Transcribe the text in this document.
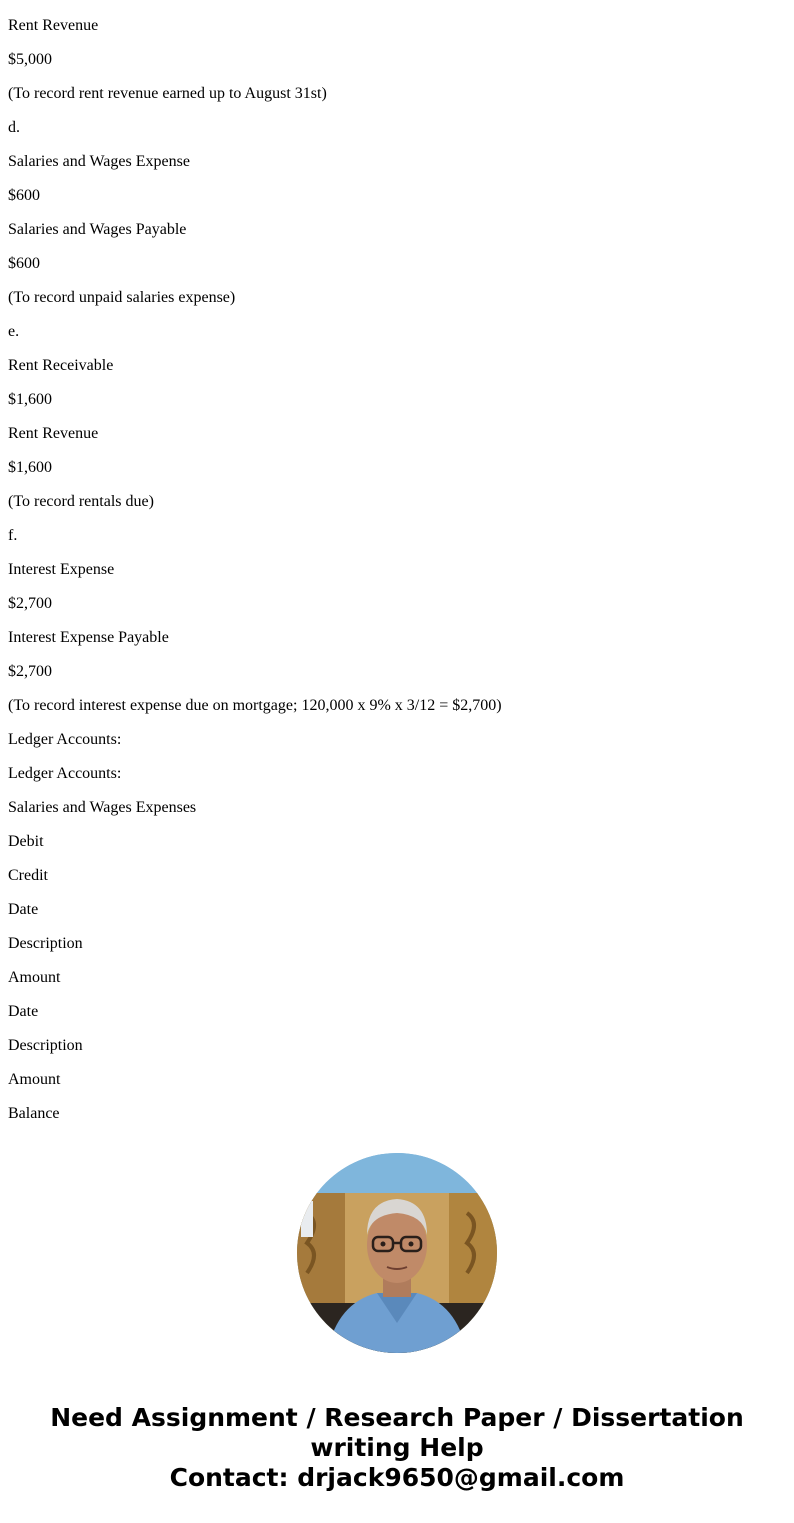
Rent Revenue

$5,000

(To record rent revenue earned up to August 31st)

d.

Salaries and Wages Expense

$600

Salaries and Wages Payable

$600

(To record unpaid salaries expense)

e.

Rent Receivable

$1,600

Rent Revenue

$1,600

(To record rentals due)

f.

Interest Expense

$2,700

Interest Expense Payable

$2,700

(To record interest expense due on mortgage; 120,000 x 9% x 3/12 = $2,700)

Ledger Accounts:

Ledger Accounts:

Salaries and Wages Expenses

Debit

Credit

Date

Description

Amount

Date

Description

Amount

Balance

Need Assignment / Research Paper / Dissertation
writing Help
Contact: drjack9650@gmail.com
